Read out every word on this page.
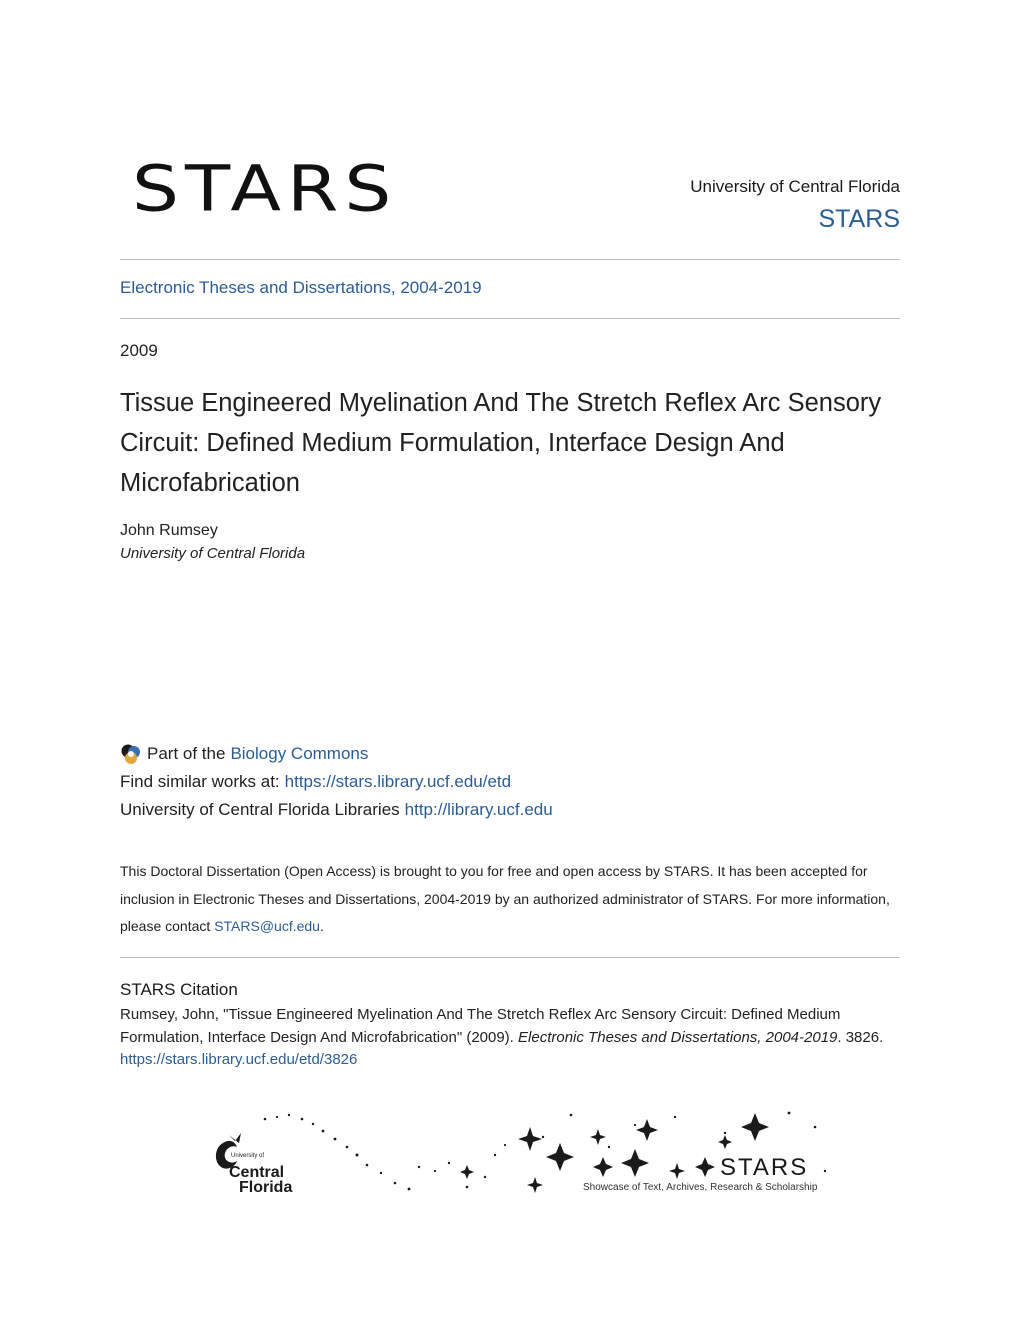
STARS	University of Central Florida
STARS
Electronic Theses and Dissertations, 2004-2019
2009
Tissue Engineered Myelination And The Stretch Reflex Arc Sensory Circuit: Defined Medium Formulation, Interface Design And Microfabrication
John Rumsey
University of Central Florida
Part of the Biology Commons
Find similar works at: https://stars.library.ucf.edu/etd
University of Central Florida Libraries http://library.ucf.edu
This Doctoral Dissertation (Open Access) is brought to you for free and open access by STARS. It has been accepted for inclusion in Electronic Theses and Dissertations, 2004-2019 by an authorized administrator of STARS. For more information, please contact STARS@ucf.edu.
STARS Citation
Rumsey, John, "Tissue Engineered Myelination And The Stretch Reflex Arc Sensory Circuit: Defined Medium Formulation, Interface Design And Microfabrication" (2009). Electronic Theses and Dissertations, 2004-2019. 3826.
https://stars.library.ucf.edu/etd/3826
University of
Central
Florida
STARS
Showcase of Text, Archives, Research & Scholarship
